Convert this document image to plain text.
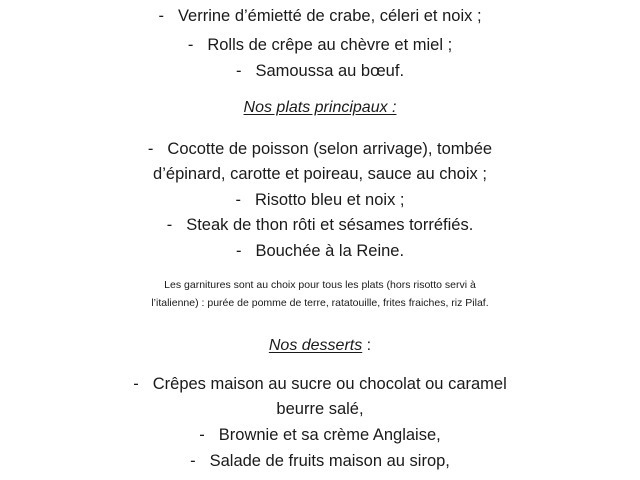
- Verrine d’émietté de crabe, céleri et noix ;
- Rolls de crêpe au chèvre et miel ;
- Samoussa au bœuf.
Nos plats principaux :
- Cocotte de poisson (selon arrivage), tombée
d’épinard, carotte et poireau, sauce au choix ;
- Risotto bleu et noix ;
- Steak de thon rôti et sésames torréfiés.
- Bouchée à la Reine.
Les garnitures sont au choix pour tous les plats (hors risotto servi à
l’italienne) : purée de pomme de terre, ratatouille, frites fraiches, riz Pilaf.
Nos desserts :
- Crêpes maison au sucre ou chocolat ou caramel
beurre salé,
- Brownie et sa crème Anglaise,
- Salade de fruits maison au sirop,
